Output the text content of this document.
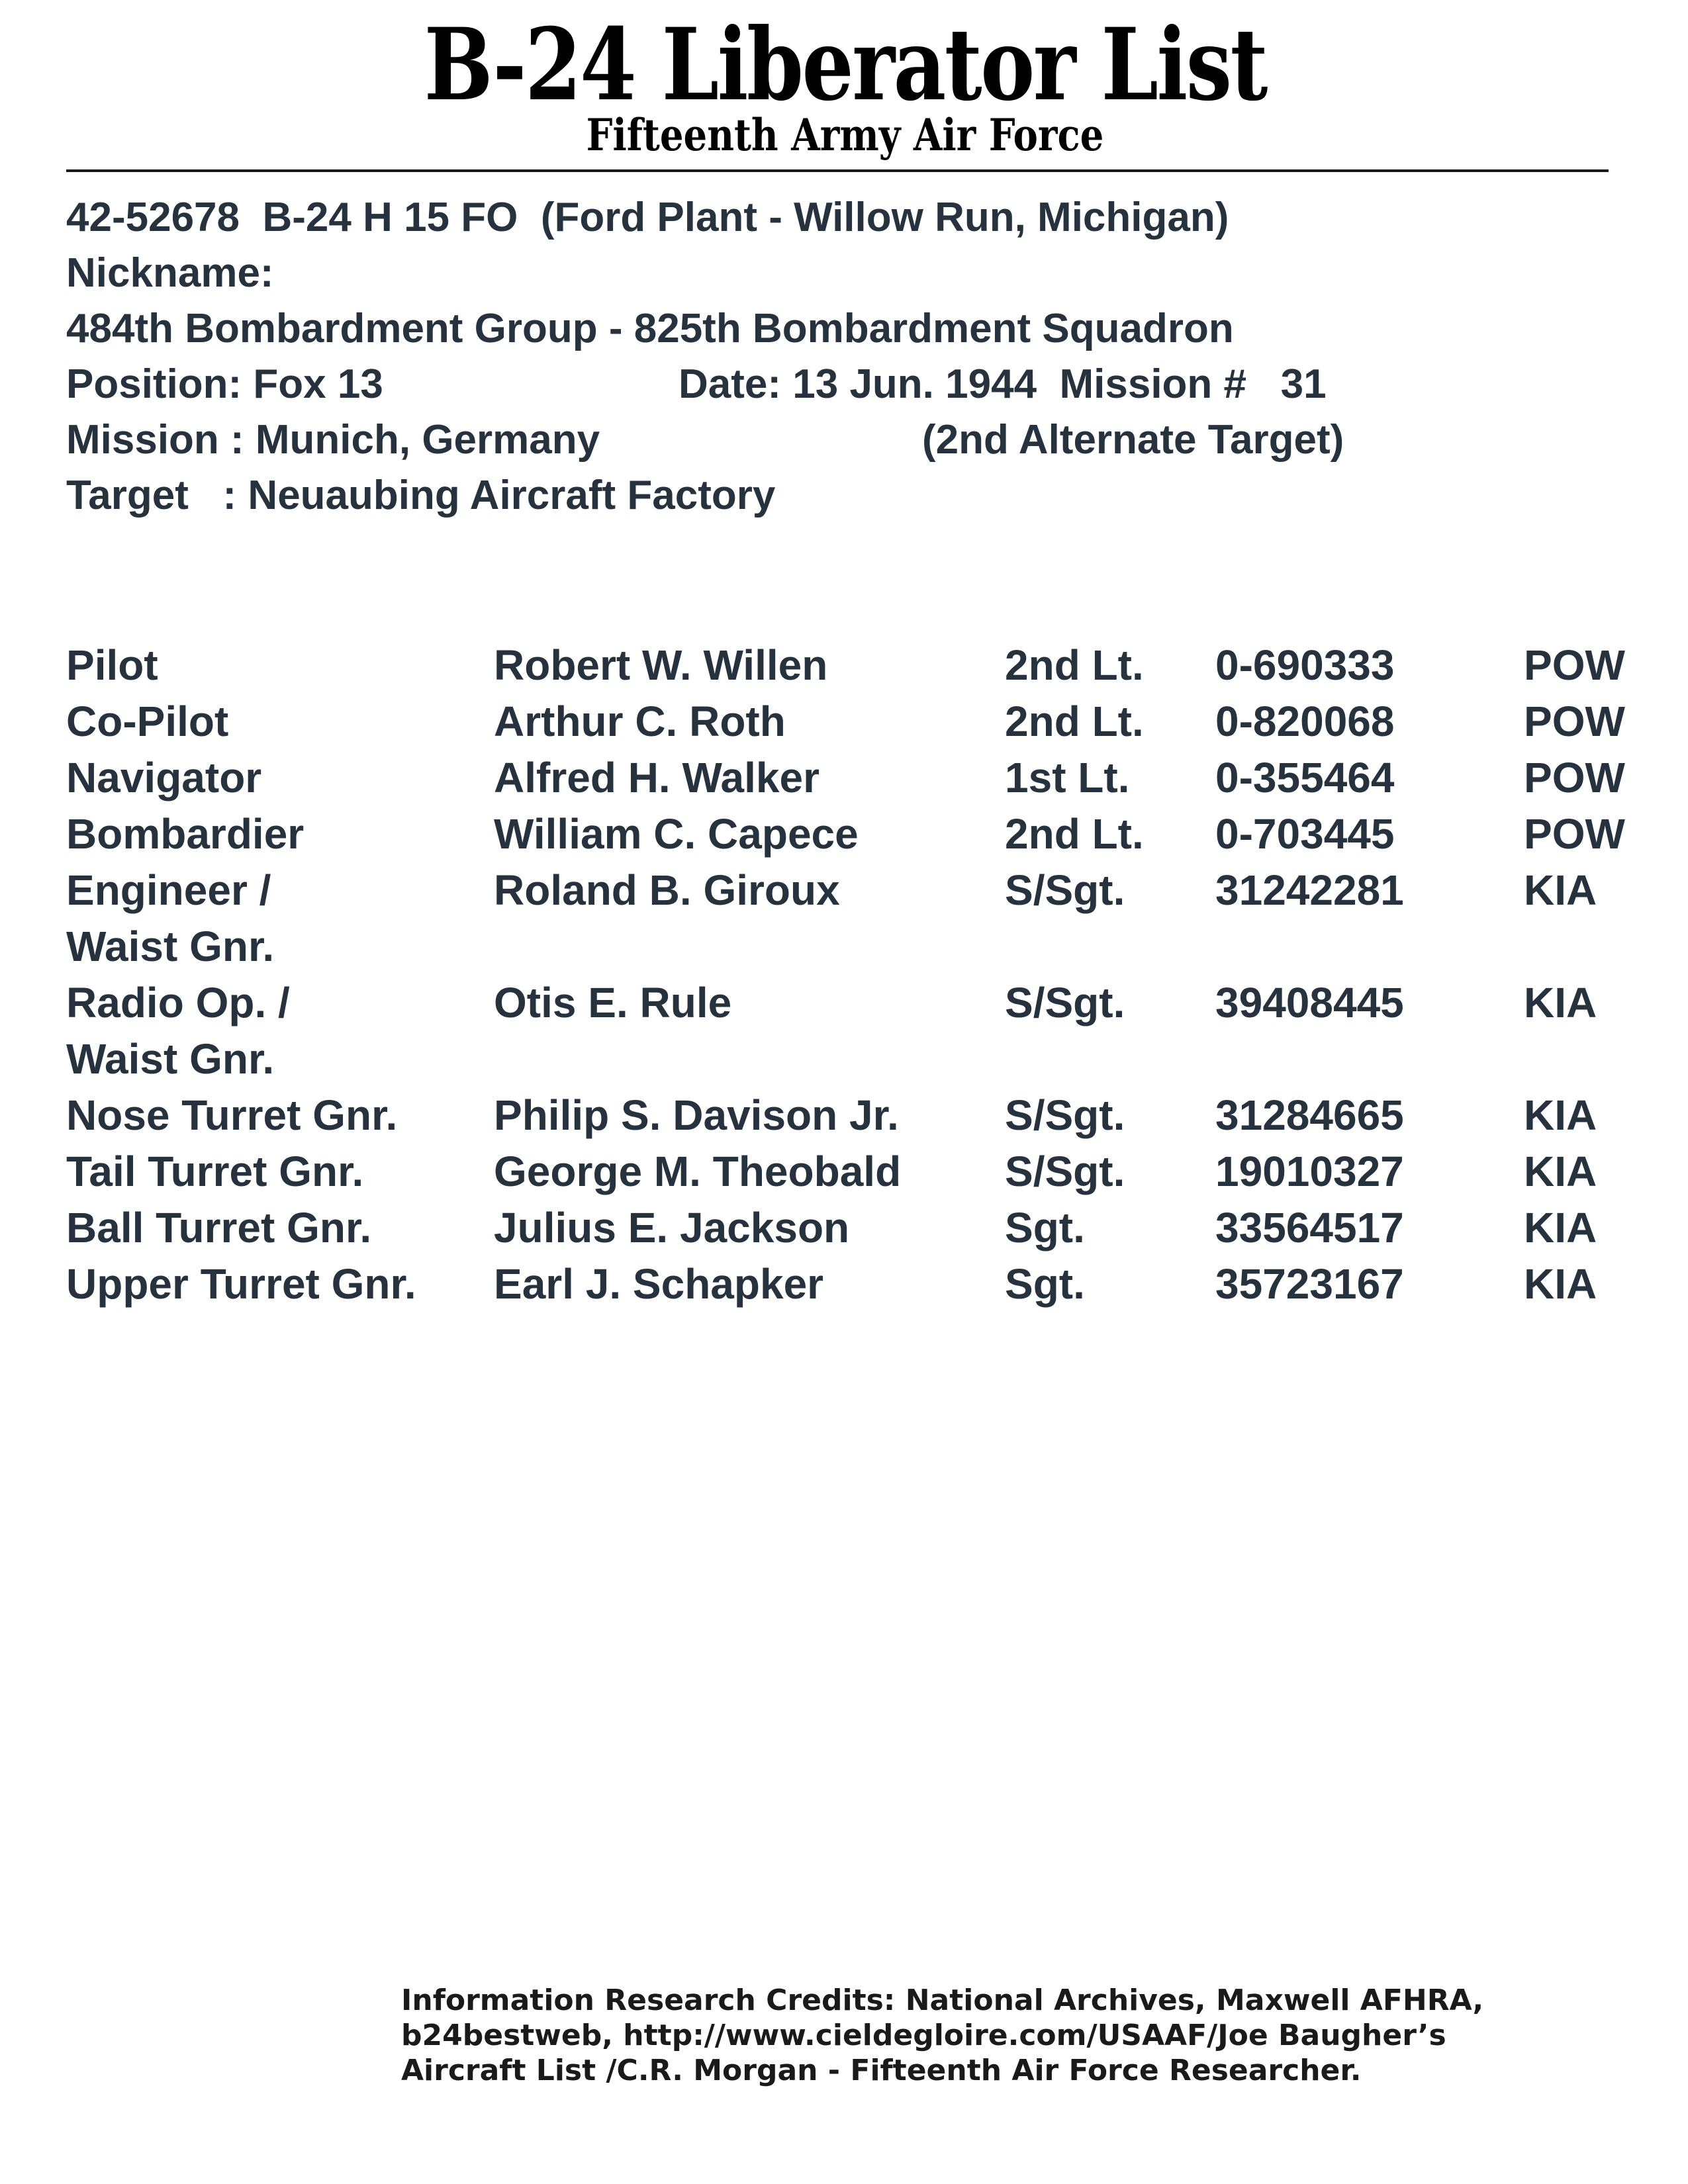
B-24 Liberator List
Fifteenth Army Air Force
42-52678  B-24 H 15 FO  (Ford Plant - Willow Run, Michigan)
Nickname:
484th Bombardment Group - 825th Bombardment Squadron
Position: Fox 13	Date: 13 Jun. 1944  Mission #   31
Mission : Munich, Germany	(2nd Alternate Target)
Target   : Neuaubing Aircraft Factory
Pilot	Robert W. Willen	2nd Lt. 0-690333	POW
Co-Pilot	Arthur C. Roth	2nd Lt. 0-820068	POW
Navigator	Alfred H. Walker	1st Lt. 0-355464	POW
Bombardier	William C. Capece	2nd Lt. 0-703445	POW
Engineer / Waist Gnr.
Roland B. Giroux	S/Sgt. 31242281	KIA
Radio Op. / Waist Gnr.
Otis E. Rule	S/Sgt. 39408445	KIA
Nose Turret Gnr.	Philip S. Davison Jr.	S/Sgt. 31284665	KIA
Tail Turret Gnr.	George M. Theobald S/Sgt. 19010327	KIA
Ball Turret Gnr.	Julius E. Jackson	Sgt.	33564517	KIA
Upper Turret Gnr.	Earl J. Schapker	Sgt.	35723167	KIA
Information Research Credits: National Archives, Maxwell AFHRA,
b24bestweb, http://www.cieldegloire.com/USAAF/Joe Baugher’s
Aircraft List /C.R. Morgan - Fifteenth Air Force Researcher.
